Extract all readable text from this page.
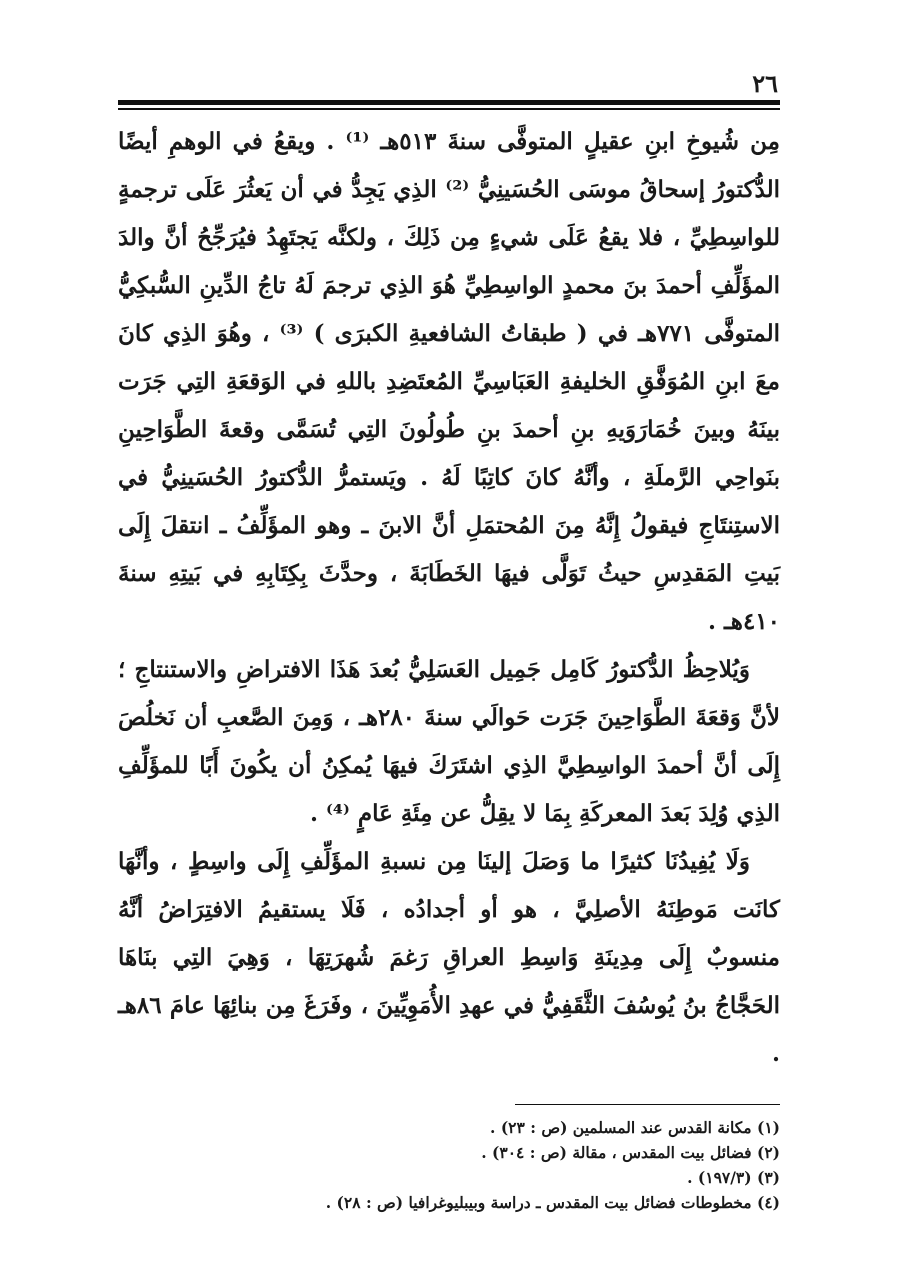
٢٦

مِن شُيوخِ ابنِ عقيلٍ المتوفَّى سنةَ ٥١٣هـ ⁽¹⁾ . ويقعُ في الوهمِ أيضًا الدُّكتورُ إسحاقُ موسَى الحُسَينِيُّ ⁽²⁾ الذِي يَجِدُّ في أن يَعثُرَ عَلَى ترجمةٍ للواسِطِيِّ ، فلا يقعُ عَلَى شيءٍ مِن ذَلِكَ ، ولكنَّه يَجتَهِدُ فيُرَجِّحُ أنَّ والدَ المؤَلِّفِ أحمدَ بنَ محمدٍ الواسِطِيِّ هُوَ الذِي ترجمَ لَهُ تاجُ الدِّينِ السُّبكِيُّ المتوفَّى ٧٧١هـ في ( طبقاتُ الشافعيةِ الكبرَى ) ⁽³⁾ ، وهُوَ الذِي كانَ معَ ابنِ المُوَفَّقِ الخليفةِ العَبَاسِيِّ المُعتَضِدِ باللهِ في الوَقعَةِ التِي جَرَت بينَهُ وبينَ خُمَارَوَيهِ بنِ أحمدَ بنِ طُولُونَ التِي تُسَمَّى وقعةَ الطَّوَاحِينِ بنَواحِي الرَّملَةِ ، وأنَّهُ كانَ كاتِبًا لَهُ . ويَستمرُّ الدُّكتورُ الحُسَينِيُّ في الاستِنتَاجِ فيقولُ إِنَّهُ مِنَ المُحتمَلِ أنَّ الابنَ ـ وهو المؤَلِّفُ ـ انتقلَ إِلَى بَيتِ المَقدِسِ حيثُ تَوَلَّى فيهَا الخَطَابَةَ ، وحدَّثَ بِكِتَابِهِ في بَيتِهِ سنةَ ٤١٠هـ .

وَيُلاحِظُ الدُّكتورُ كَامِل جَمِيل العَسَلِيُّ بُعدَ هَذَا الافتراضِ والاستنتاجِ ؛ لأنَّ وَقعَةَ الطَّوَاحِينَ جَرَت حَوالَي سنةَ ٢٨٠هـ ، وَمِنَ الصَّعبِ أن نَخلُصَ إِلَى أنَّ أحمدَ الواسِطِيَّ الذِي اشتَرَكَ فيهَا يُمكِنُ أن يكُونَ أَبًا للمؤَلِّفِ الذِي وُلِدَ بَعدَ المعركَةِ بِمَا لا يقِلُّ عن مِئَةِ عَامٍ ⁽⁴⁾ .

وَلَا يُفِيدُنَا كثيرًا ما وَصَلَ إلينَا مِن نسبةِ المؤَلِّفِ إِلَى واسِطٍ ، وأنَّهَا كانَت مَوطِنَهُ الأصلِيَّ ، هو أو أجدادُه ، فَلَا يستقيمُ الافتِرَاضُ أنَّهُ منسوبٌ إِلَى مِدِينَةِ وَاسِطِ العراقِ رَغمَ شُهرَتِهَا ، وَهِيَ التِي بنَاهَا الحَجَّاجُ بنُ يُوسُفَ الثَّقَفِيُّ في عهدِ الأُمَوِيِّينَ ، وفَرَغَ مِن بنائِهَا عامَ ٨٦هـ .

(١) مكانة القدس عند المسلمين (ص : ٢٣) .

(٢) فضائل بيت المقدس ، مقالة (ص : ٣٠٤) .

(٣) (١٩٧/٣) .

(٤) مخطوطات فضائل بيت المقدس ـ دراسة وبيبليوغرافيا (ص : ٢٨) .
